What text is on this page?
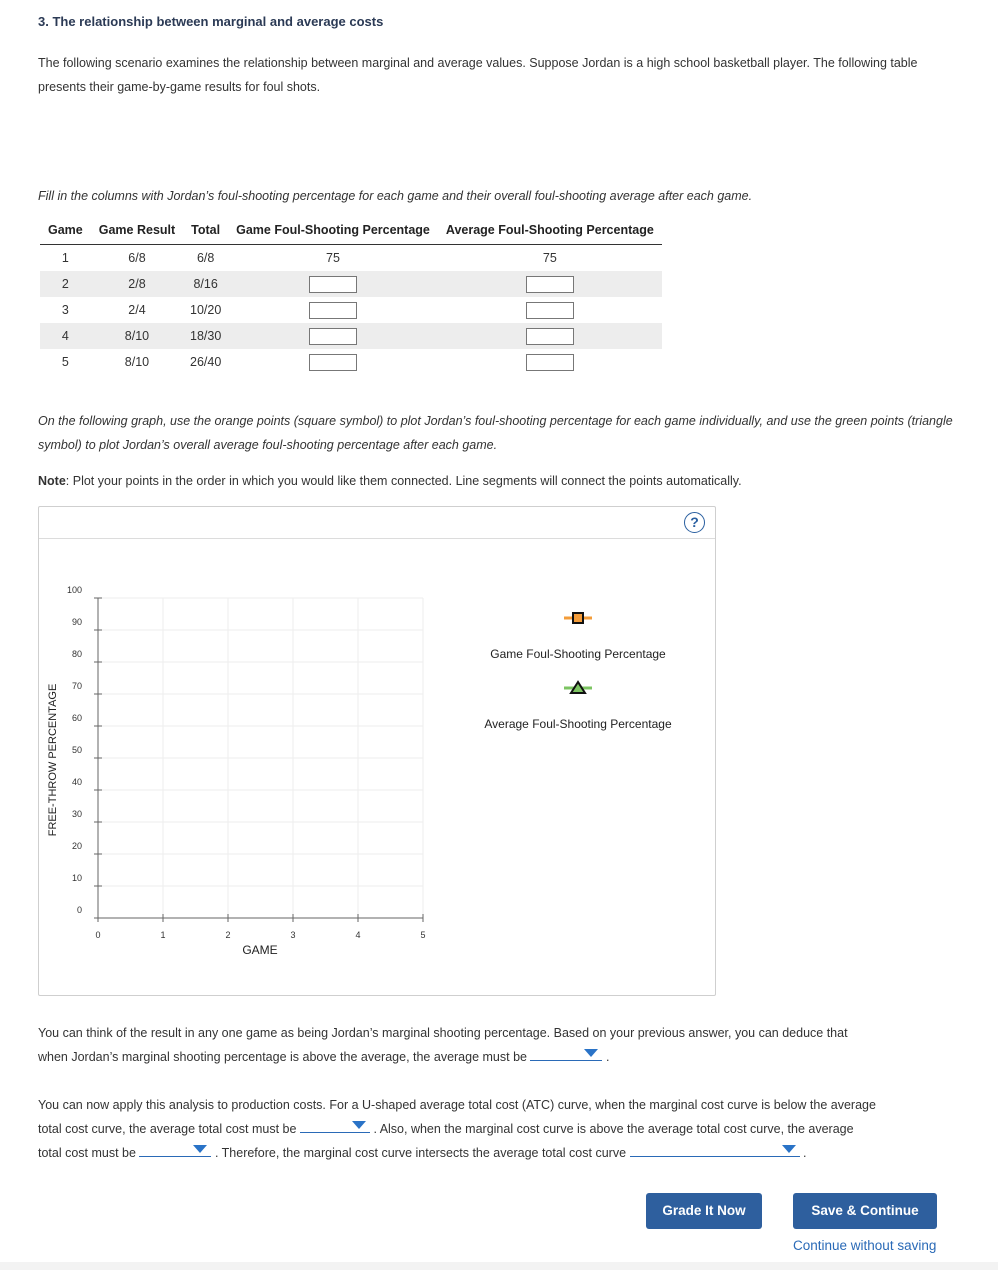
3. The relationship between marginal and average costs
The following scenario examines the relationship between marginal and average values. Suppose Jordan is a high school basketball player. The following table presents their game-by-game results for foul shots.
Fill in the columns with Jordan’s foul-shooting percentage for each game and their overall foul-shooting average after each game.
Game	Game Result	Total	Game Foul-Shooting Percentage	Average Foul-Shooting Percentage
1	6/8	6/8	75	75
2	2/8	8/16		
3	2/4	10/20		
4	8/10	18/30		
5	8/10	26/40		
On the following graph, use the orange points (square symbol) to plot Jordan’s foul-shooting percentage for each game individually, and use the green points (triangle symbol) to plot Jordan’s overall average foul-shooting percentage after each game.
Note: Plot your points in the order in which you would like them connected. Line segments will connect the points automatically.
?
0
10
20
30
40
50
60
70
80
90
100
0	1	2	3	4	5
GAME
FREE-THROW PERCENTAGE
Game Foul-Shooting Percentage
Average Foul-Shooting Percentage
You can think of the result in any one game as being Jordan’s marginal shooting percentage. Based on your previous answer, you can deduce that
when Jordan’s marginal shooting percentage is above the average, the average must be	.
You can now apply this analysis to production costs. For a U-shaped average total cost (ATC) curve, when the marginal cost curve is below the average
total cost curve, the average total cost must be	. Also, when the marginal cost curve is above the average total cost curve, the average
total cost must be	. Therefore, the marginal cost curve intersects the average total cost curve	.
Grade It Now	Save & Continue
Continue without saving
